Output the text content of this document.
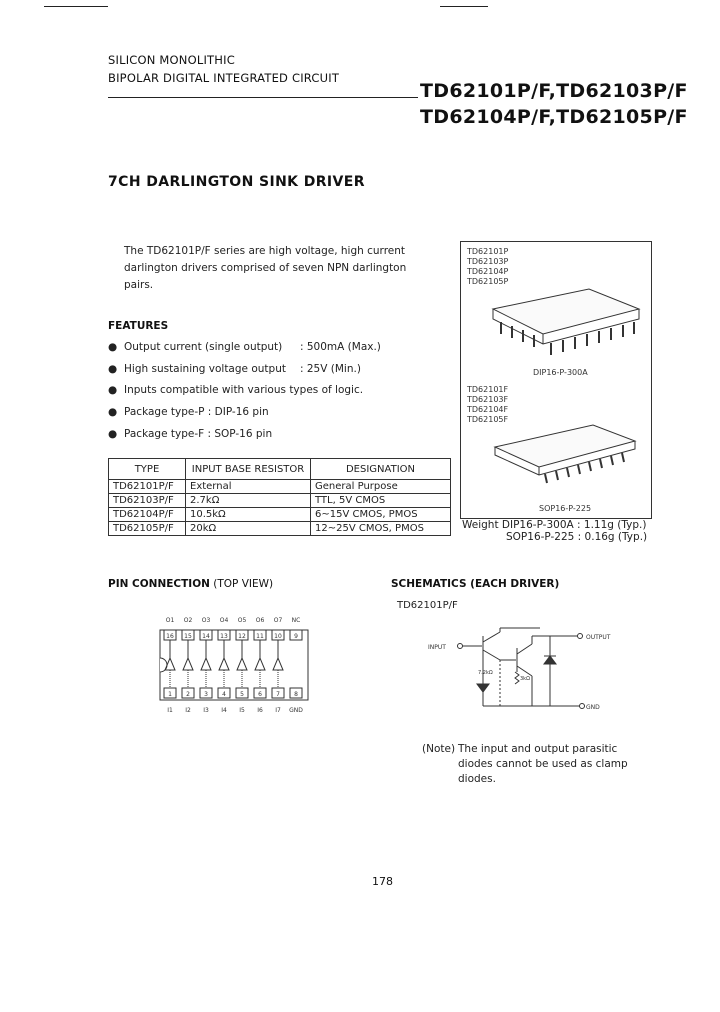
SILICON MONOLITHIC
BIPOLAR DIGITAL INTEGRATED CIRCUIT
TD62101P/F,TD62103P/F
TD62104P/F,TD62105P/F
7CH DARLINGTON SINK DRIVER
The TD62101P/F series are high voltage, high current darlington drivers comprised of seven NPN darlington pairs.
FEATURES
● Output current (single output) : 500mA (Max.)
● High sustaining voltage output : 25V (Min.)
● Inputs compatible with various types of logic.
● Package type-P : DIP-16 pin
● Package type-F : SOP-16 pin
TYPE	INPUT BASE RESISTOR	DESIGNATION
TD62101P/F	External	General Purpose
TD62103P/F	2.7kΩ	TTL, 5V CMOS
TD62104P/F	10.5kΩ	6~15V CMOS, PMOS
TD62105P/F	20kΩ	12~25V CMOS, PMOS
TD62101P
TD62103P
TD62104P
TD62105P
DIP16-P-300A
TD62101F
TD62103F
TD62104F
TD62105F
SOP16-P-225
Weight DIP16-P-300A : 1.11g (Typ.)
SOP16-P-225 : 0.16g (Typ.)
PIN CONNECTION (TOP VIEW)
16
O1
1
I1
15
O2
2
I2
14
O3
3
I3
13
O4
4
I4
12
O5
5
I5
11
O6
6
I6
10
O7
7
I7
9
NC
8
GND
SCHEMATICS (EACH DRIVER)
TD62101P/F
INPUT
OUTPUT
GND
7.2kΩ
3kΩ
(Note) The input and output parasitic
diodes cannot be used as clamp
diodes.
178
